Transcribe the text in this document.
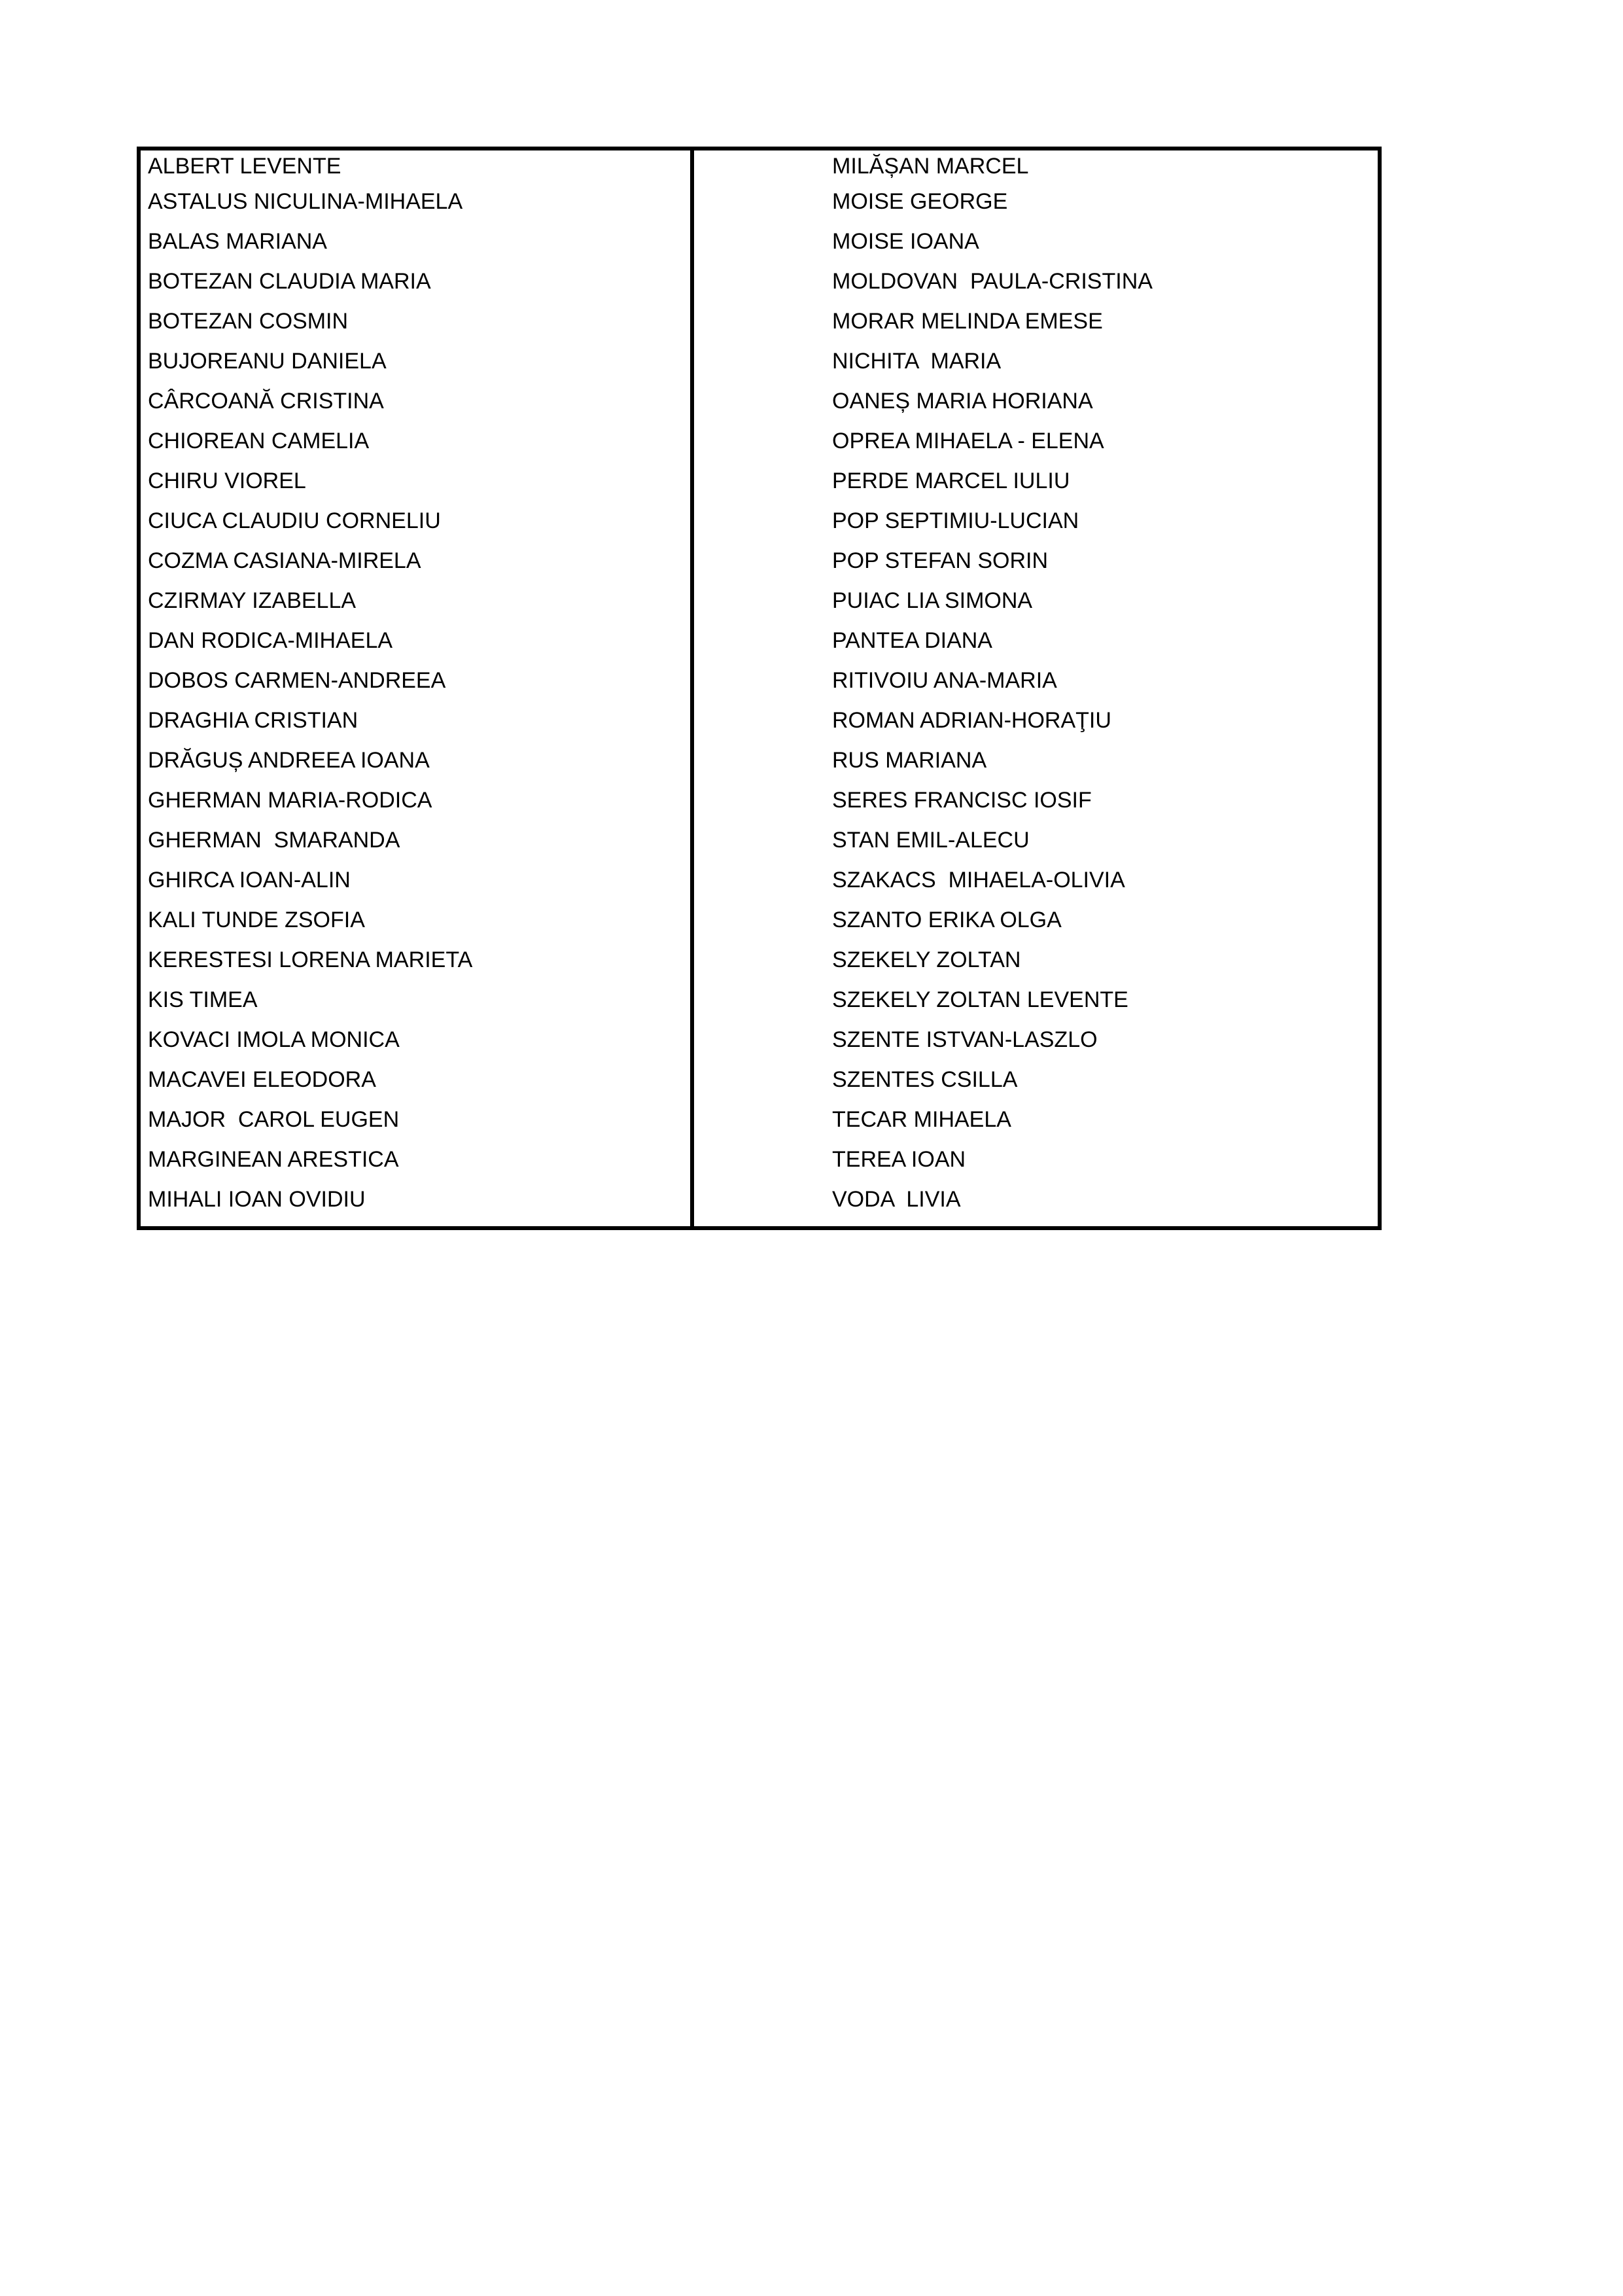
ALBERT LEVENTE
ASTALUS NICULINA-MIHAELA
BALAS MARIANA
BOTEZAN CLAUDIA MARIA
BOTEZAN COSMIN
BUJOREANU DANIELA
CÂRCOANĂ CRISTINA
CHIOREAN CAMELIA
CHIRU VIOREL
CIUCA CLAUDIU CORNELIU
COZMA CASIANA-MIRELA
CZIRMAY IZABELLA
DAN RODICA-MIHAELA
DOBOS CARMEN-ANDREEA
DRAGHIA CRISTIAN
DRĂGUȘ ANDREEA IOANA
GHERMAN MARIA-RODICA
GHERMAN  SMARANDA
GHIRCA IOAN-ALIN
KALI TUNDE ZSOFIA
KERESTESI LORENA MARIETA
KIS TIMEA
KOVACI IMOLA MONICA
MACAVEI ELEODORA
MAJOR  CAROL EUGEN
MARGINEAN ARESTICA
MIHALI IOAN OVIDIU
MILĂȘAN MARCEL
MOISE GEORGE
MOISE IOANA
MOLDOVAN  PAULA-CRISTINA
MORAR MELINDA EMESE
NICHITA  MARIA
OANEȘ MARIA HORIANA
OPREA MIHAELA - ELENA
PERDE MARCEL IULIU
POP SEPTIMIU-LUCIAN
POP STEFAN SORIN
PUIAC LIA SIMONA
PANTEA DIANA
RITIVOIU ANA-MARIA
ROMAN ADRIAN-HORAŢIU
RUS MARIANA
SERES FRANCISC IOSIF
STAN EMIL-ALECU
SZAKACS  MIHAELA-OLIVIA
SZANTO ERIKA OLGA
SZEKELY ZOLTAN
SZEKELY ZOLTAN LEVENTE
SZENTE ISTVAN-LASZLO
SZENTES CSILLA
TECAR MIHAELA
TEREA IOAN
VODA  LIVIA
